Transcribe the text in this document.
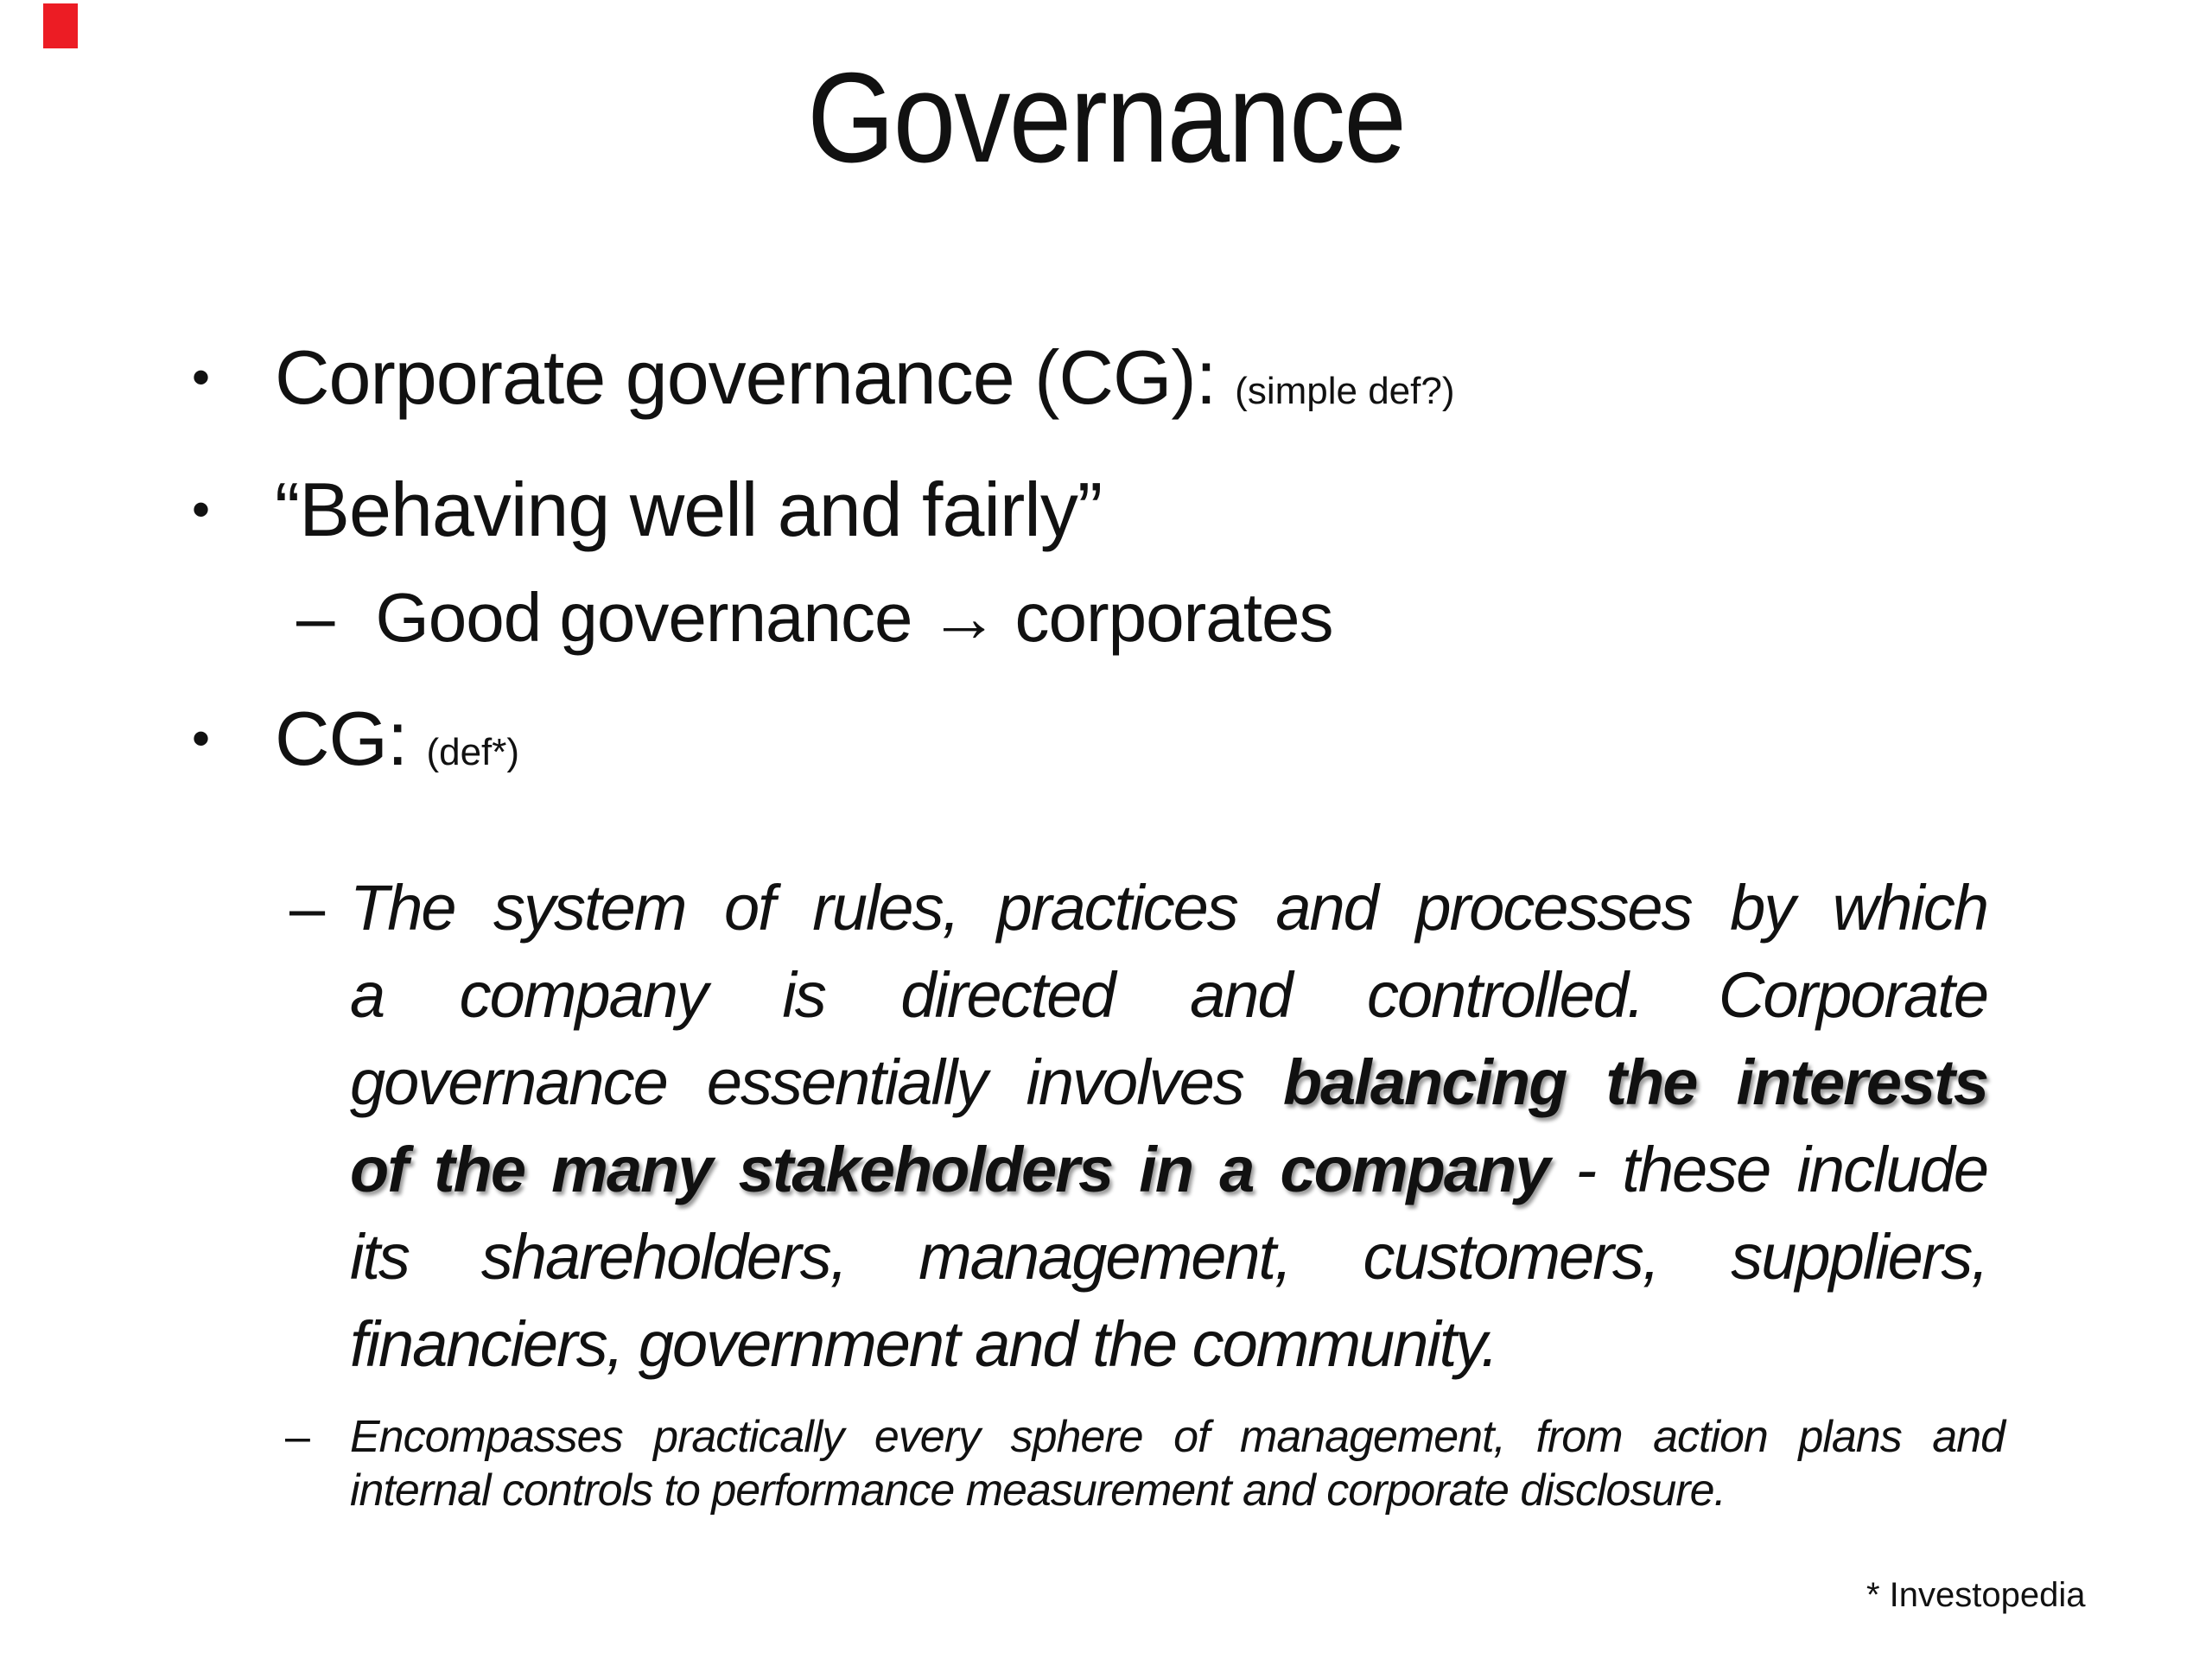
Governance
• Corporate governance (CG): (simple def?)
• “Behaving well and fairly”
– Good governance → corporates
• CG: (def*)
– The system of rules, practices and processes by which
a company is directed and controlled. Corporate
governance essentially involves balancing the interests
of the many stakeholders in a company - these include
its shareholders, management, customers, suppliers,
financiers, government and the community.
– Encompasses practically every sphere of management, from action plans and
internal controls to performance measurement and corporate disclosure.
* Investopedia
